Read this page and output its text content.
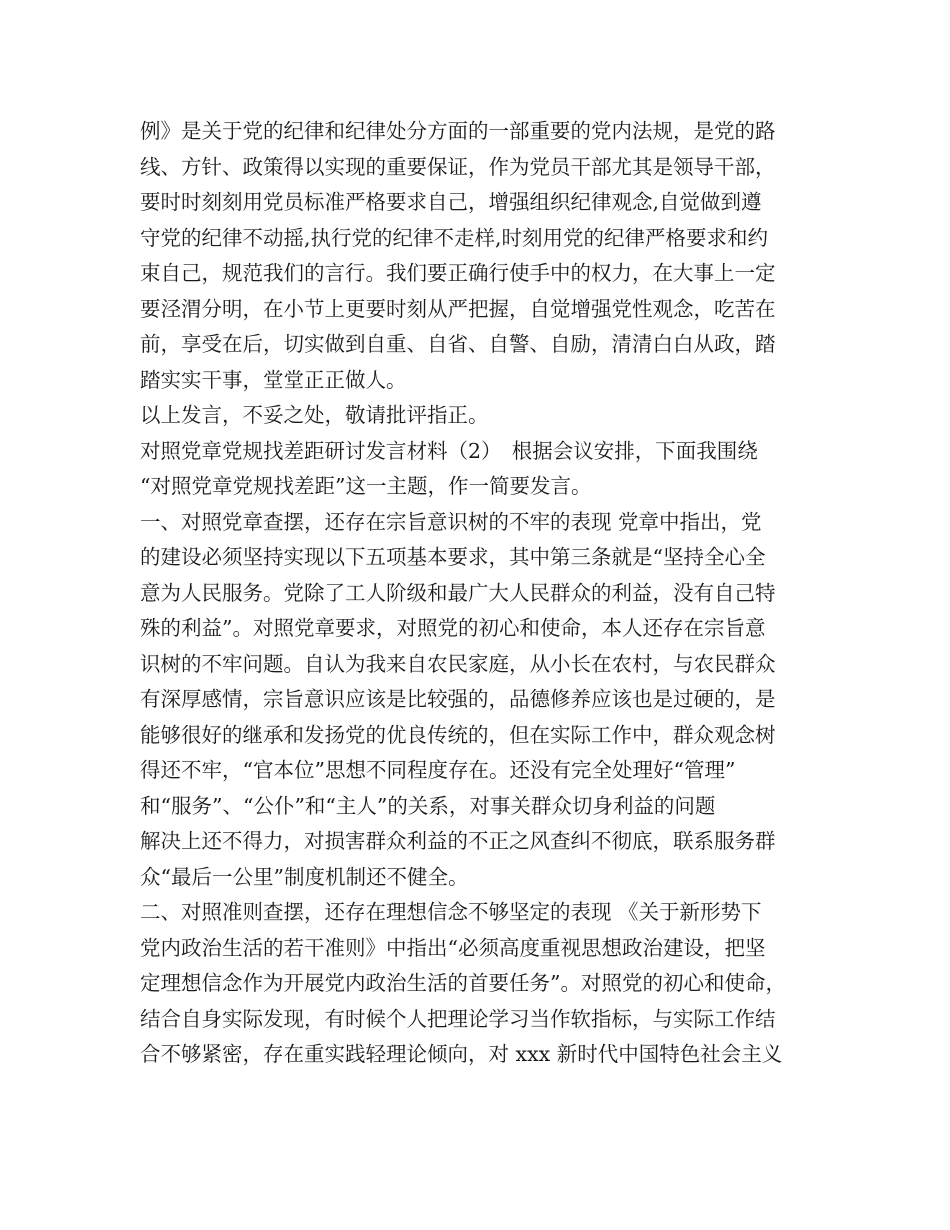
例》是关于党的纪律和纪律处分方面的一部重要的党内法规，是党的路
线、方针、政策得以实现的重要保证，作为党员干部尤其是领导干部，
要时时刻刻用党员标准严格要求自己，增强组织纪律观念,自觉做到遵
守党的纪律不动摇,执行党的纪律不走样,时刻用党的纪律严格要求和约
束自己，规范我们的言行。我们要正确行使手中的权力，在大事上一定
要泾渭分明，在小节上更要时刻从严把握，自觉增强党性观念，吃苦在
前，享受在后，切实做到自重、自省、自警、自励，清清白白从政，踏
踏实实干事，堂堂正正做人。
以上发言，不妥之处，敬请批评指正。
对照党章党规找差距研讨发言材料（2）　根据会议安排，下面我围绕
“对照党章党规找差距”这一主题，作一简要发言。
一、对照党章查摆，还存在宗旨意识树的不牢的表现 党章中指出，党
的建设必须坚持实现以下五项基本要求，其中第三条就是“坚持全心全
意为人民服务。党除了工人阶级和最广大人民群众的利益，没有自己特
殊的利益”。对照党章要求，对照党的初心和使命，本人还存在宗旨意
识树的不牢问题。自认为我来自农民家庭，从小长在农村，与农民群众
有深厚感情，宗旨意识应该是比较强的，品德修养应该也是过硬的，是
能够很好的继承和发扬党的优良传统的，但在实际工作中，群众观念树
得还不牢，“官本位”思想不同程度存在。还没有完全处理好“管理”
和“服务”、“公仆”和“主人”的关系，对事关群众切身利益的问题
解决上还不得力，对损害群众利益的不正之风查纠不彻底，联系服务群
众“最后一公里”制度机制还不健全。
二、对照准则查摆，还存在理想信念不够坚定的表现 《关于新形势下
党内政治生活的若干准则》中指出“必须高度重视思想政治建设，把坚
定理想信念作为开展党内政治生活的首要任务”。对照党的初心和使命，
结合自身实际发现，有时候个人把理论学习当作软指标，与实际工作结
合不够紧密，存在重实践轻理论倾向，对 xxx 新时代中国特色社会主义
